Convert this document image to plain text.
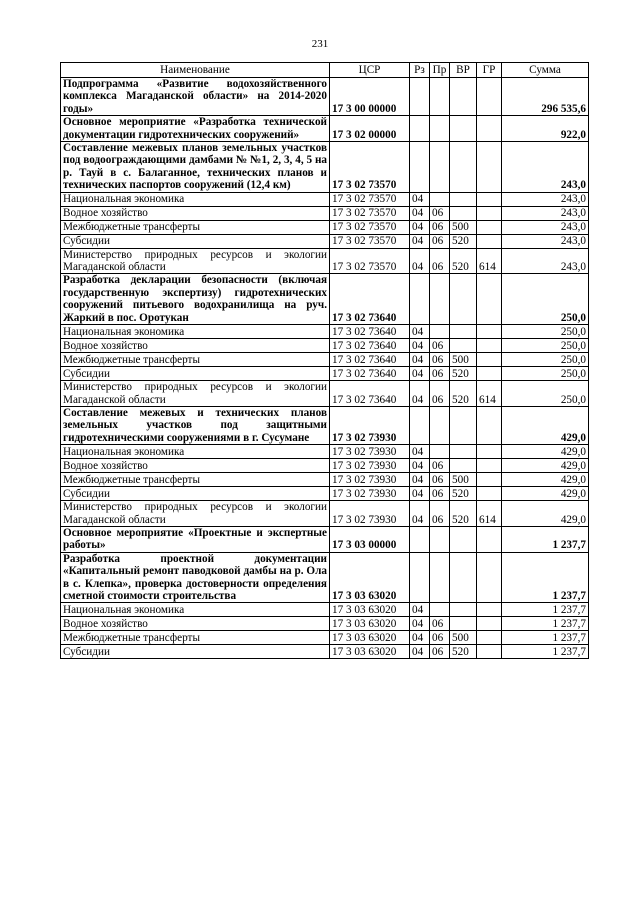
231
Наименование	ЦСР	Рз	Пр	ВР	ГР	Сумма
Подпрограмма «Развитие водохозяйственного комплекса Магаданской области» на 2014-2020 годы»	17 3 00 00000					296 535,6
Основное мероприятие «Разработка технической документации гидротехнических сооружений»	17 3 02 00000					922,0
Составление межевых планов земельных участков под водоограждающими дамбами № №1, 2, 3, 4, 5 на р. Тауй в с. Балаганное, технических планов и технических паспортов сооружений (12,4 км)	17 3 02 73570					243,0
Национальная экономика	17 3 02 73570	04				243,0
Водное хозяйство	17 3 02 73570	04	06			243,0
Межбюджетные трансферты	17 3 02 73570	04	06	500		243,0
Субсидии	17 3 02 73570	04	06	520		243,0
Министерство природных ресурсов и экологии Магаданской области	17 3 02 73570	04	06	520	614	243,0
Разработка декларации безопасности (включая государственную экспертизу) гидротехнических сооружений питьевого водохранилища на руч. Жаркий в пос. Оротукан	17 3 02 73640					250,0
Национальная экономика	17 3 02 73640	04				250,0
Водное хозяйство	17 3 02 73640	04	06			250,0
Межбюджетные трансферты	17 3 02 73640	04	06	500		250,0
Субсидии	17 3 02 73640	04	06	520		250,0
Министерство природных ресурсов и экологии Магаданской области	17 3 02 73640	04	06	520	614	250,0
Составление межевых и технических планов земельных участков под защитными гидротехническими сооружениями в г. Сусумане	17 3 02 73930					429,0
Национальная экономика	17 3 02 73930	04				429,0
Водное хозяйство	17 3 02 73930	04	06			429,0
Межбюджетные трансферты	17 3 02 73930	04	06	500		429,0
Субсидии	17 3 02 73930	04	06	520		429,0
Министерство природных ресурсов и экологии Магаданской области	17 3 02 73930	04	06	520	614	429,0
Основное мероприятие «Проектные и экспертные работы»	17 3 03 00000					1 237,7
Разработка проектной документации «Капитальный ремонт паводковой дамбы на р. Ола в с. Клепка», проверка достоверности определения сметной стоимости строительства	17 3 03 63020					1 237,7
Национальная экономика	17 3 03 63020	04				1 237,7
Водное хозяйство	17 3 03 63020	04	06			1 237,7
Межбюджетные трансферты	17 3 03 63020	04	06	500		1 237,7
Субсидии	17 3 03 63020	04	06	520		1 237,7
